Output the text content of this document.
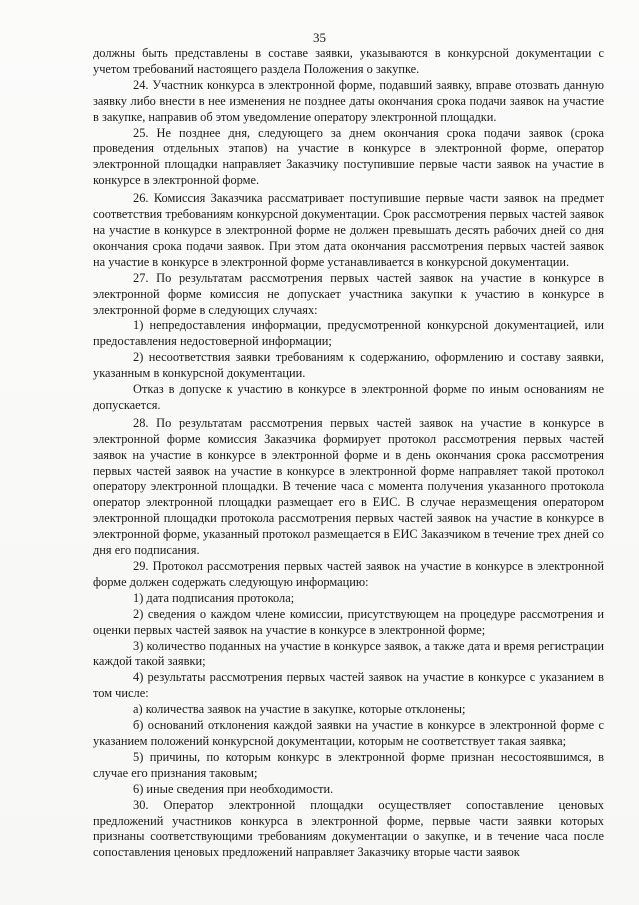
35

должны быть представлены в составе заявки, указываются в конкурсной документации с учетом требований настоящего раздела Положения о закупке.

24. Участник конкурса в электронной форме, подавший заявку, вправе отозвать данную заявку либо внести в нее изменения не позднее даты окончания срока подачи заявок на участие в закупке, направив об этом уведомление оператору электронной площадки.

25. Не позднее дня, следующего за днем окончания срока подачи заявок (срока проведения отдельных этапов) на участие в конкурсе в электронной форме, оператор электронной площадки направляет Заказчику поступившие первые части заявок на участие в конкурсе в электронной форме.

26. Комиссия Заказчика рассматривает поступившие первые части заявок на предмет соответствия требованиям конкурсной документации. Срок рассмотрения первых частей заявок на участие в конкурсе в электронной форме не должен превышать десять рабочих дней со дня окончания срока подачи заявок. При этом дата окончания рассмотрения первых частей заявок на участие в конкурсе в электронной форме устанавливается в конкурсной документации.

27. По результатам рассмотрения первых частей заявок на участие в конкурсе в электронной форме комиссия не допускает участника закупки к участию в конкурсе в электронной форме в следующих случаях:

1) непредоставления информации, предусмотренной конкурсной документацией, или предоставления недостоверной информации;

2) несоответствия заявки требованиям к содержанию, оформлению и составу заявки, указанным в конкурсной документации.

Отказ в допуске к участию в конкурсе в электронной форме по иным основаниям не допускается.

28. По результатам рассмотрения первых частей заявок на участие в конкурсе в электронной форме комиссия Заказчика формирует протокол рассмотрения первых частей заявок на участие в конкурсе в электронной форме и в день окончания срока рассмотрения первых частей заявок на участие в конкурсе в электронной форме направляет такой протокол оператору электронной площадки. В течение часа с момента получения указанного протокола оператор электронной площадки размещает его в ЕИС. В случае неразмещения оператором электронной площадки протокола рассмотрения первых частей заявок на участие в конкурсе в электронной форме, указанный протокол размещается в ЕИС Заказчиком в течение трех дней со дня его подписания.

29. Протокол рассмотрения первых частей заявок на участие в конкурсе в электронной форме должен содержать следующую информацию:

1) дата подписания протокола;

2) сведения о каждом члене комиссии, присутствующем на процедуре рассмотрения и оценки первых частей заявок на участие в конкурсе в электронной форме;

3) количество поданных на участие в конкурсе заявок, а также дата и время регистрации каждой такой заявки;

4) результаты рассмотрения первых частей заявок на участие в конкурсе с указанием в том числе:

а) количества заявок на участие в закупке, которые отклонены;

б) оснований отклонения каждой заявки на участие в конкурсе в электронной форме с указанием положений конкурсной документации, которым не соответствует такая заявка;

5) причины, по которым конкурс в электронной форме признан несостоявшимся, в случае его признания таковым;

6) иные сведения при необходимости.

30. Оператор электронной площадки осуществляет сопоставление ценовых предложений участников конкурса в электронной форме, первые части заявки которых признаны соответствующими требованиям документации о закупке, и в течение часа после сопоставления ценовых предложений направляет Заказчику вторые части заявок
